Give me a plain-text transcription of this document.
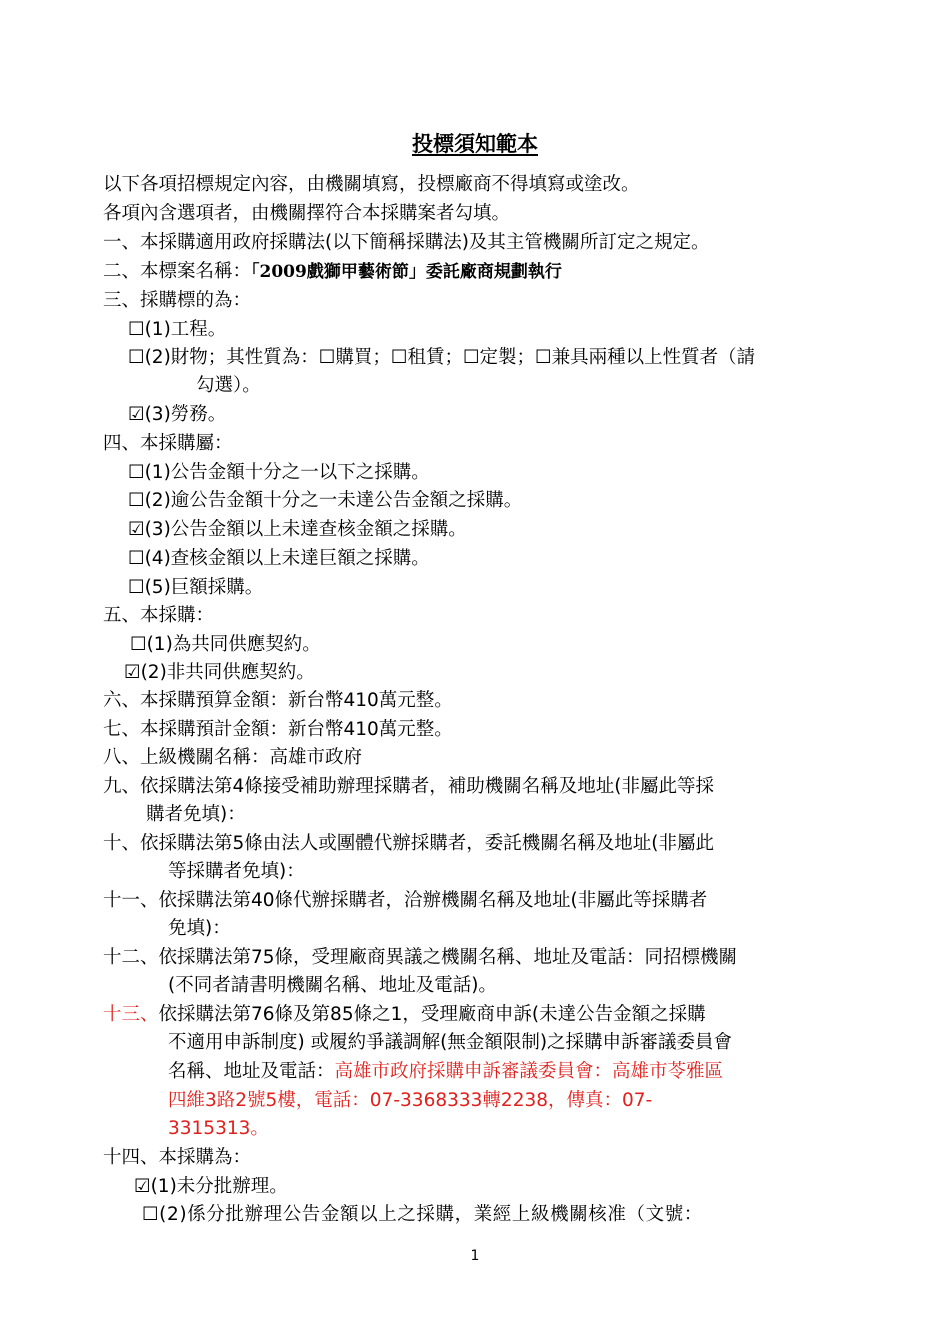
投標須知範本
以下各項招標規定內容，由機關填寫，投標廠商不得填寫或塗改。
各項內含選項者，由機關擇符合本採購案者勾填。
一、本採購適用政府採購法(以下簡稱採購法)及其主管機關所訂定之規定。
二、本標案名稱：「2009戲獅甲藝術節」委託廠商規劃執行
三、採購標的為：
☐(1)工程。
☐(2)財物；其性質為：☐購買；☐租賃；☐定製；☐兼具兩種以上性質者（請
勾選）。
☑(3)勞務。
四、本採購屬：
☐(1)公告金額十分之一以下之採購。
☐(2)逾公告金額十分之一未達公告金額之採購。
☑(3)公告金額以上未達查核金額之採購。
☐(4)查核金額以上未達巨額之採購。
☐(5)巨額採購。
五、本採購：
☐(1)為共同供應契約。
☑(2)非共同供應契約。
六、本採購預算金額：新台幣410萬元整。
七、本採購預計金額：新台幣410萬元整。
八、上級機關名稱：高雄市政府
九、依採購法第4條接受補助辦理採購者，補助機關名稱及地址(非屬此等採
購者免填)：
十、依採購法第5條由法人或團體代辦採購者，委託機關名稱及地址(非屬此
等採購者免填)：
十一、依採購法第40條代辦採購者，洽辦機關名稱及地址(非屬此等採購者
免填)：
十二、依採購法第75條，受理廠商異議之機關名稱、地址及電話：同招標機關
(不同者請書明機關名稱、地址及電話)。
十三、依採購法第76條及第85條之1，受理廠商申訴(未達公告金額之採購
不適用申訴制度) 或履約爭議調解(無金額限制)之採購申訴審議委員會
名稱、地址及電話：高雄市政府採購申訴審議委員會：高雄市苓雅區
四維3路2號5樓，電話：07-3368333轉2238，傳真：07-
3315313。
十四、本採購為：
☑(1)未分批辦理。
☐(2)係分批辦理公告金額以上之採購，業經上級機關核准（文號：
1
